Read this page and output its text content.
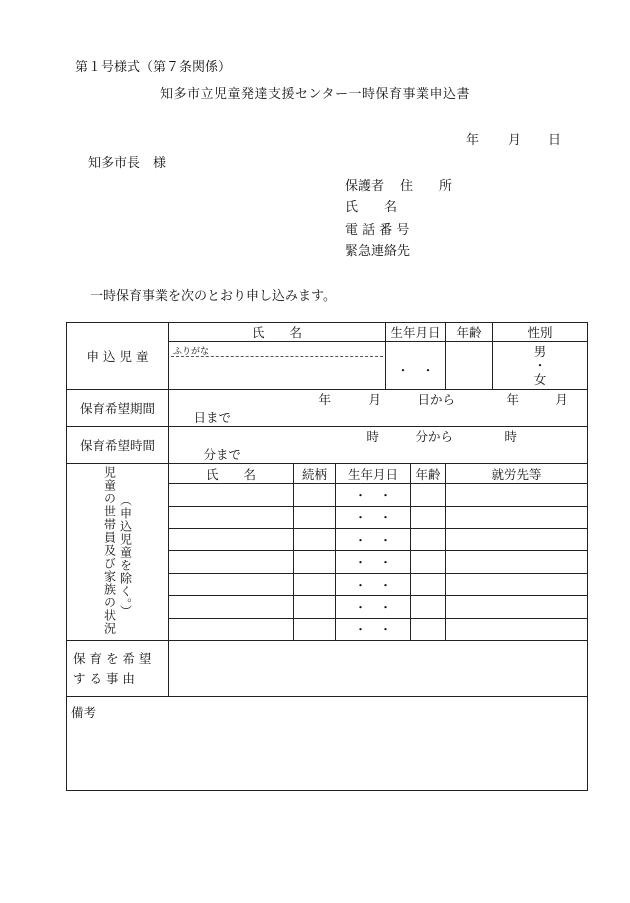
第１号様式（第７条関係）
知多市立児童発達支援センター一時保育事業申込書
年 月 日
知多市長　様
保護者 住　　所
氏　　名
電 話 番 号
緊急連絡先
一時保育事業を次のとおり申し込みます。
申 込 児 童	氏　　名			生年月日		年齢	性別

	ふりがな			・　・			男
・
女

保育希望期間	年 月 日から 年 月 日まで						
保育希望時間	時 分から 時 分まで						

児童の世帯員及び家族の状況 （申込児童を除く。）	氏　　名	続柄	生年月日		年齢	就労先等	
			・　・				
			・　・				
			・　・				
			・　・				
			・　・				
			・　・				
			・　・				

保 育 を 希 望
す る 事 由							

備考							
